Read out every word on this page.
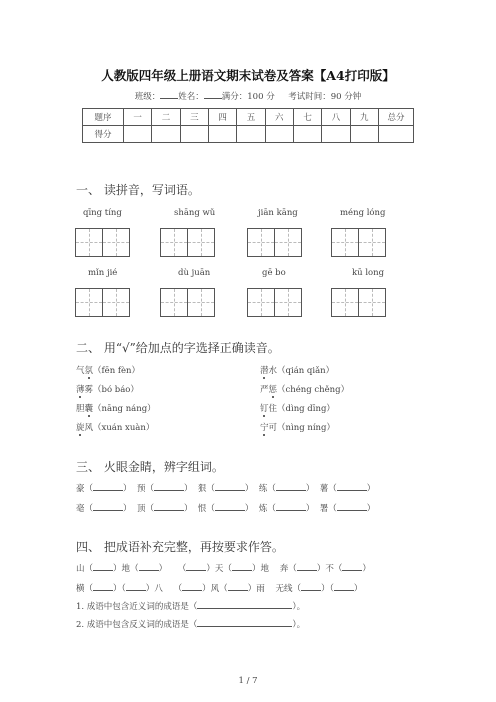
人教版四年级上册语文期末试卷及答案【A4打印版】
班级： 姓名： 满分：100 分 考试时间：90 分钟
题序	一	二	三	四	五	六	七	八	九	总分
得分										
一、 读拼音，写词语。
qīng tíng	shāng wǔ	jiān kāng	méng lóng
mǐn jié	dù juān	gē bo	kū long
二、 用“√”给加点的字选择正确读音。
气氛（fēn fèn）
薄雾（bó báo）
胆囊（nāng náng）
旋风（xuán xuàn）
潜水（qián qiǎn）
严惩（chéng chěng）
钉住（dìng dīng）
宁可（nìng níng）
三、 火眼金睛，辨字组词。
豪（	）  预（	）  狠（	）  练（	）  薯（	）
毫（	）  顶（	）  恨（	）  炼（	）  署（	）
四、 把成语补充完整，再按要求作答。
山（ ）地（ ）    （ ）天（ ）地 奔（ ）不（ ）
横（ ）（ ）八    （ ）风（ ）雨 无线（ ）（ ）
1. 成语中包含近义词的成语是（	）。
2. 成语中包含反义词的成语是（	）。
1 / 7
